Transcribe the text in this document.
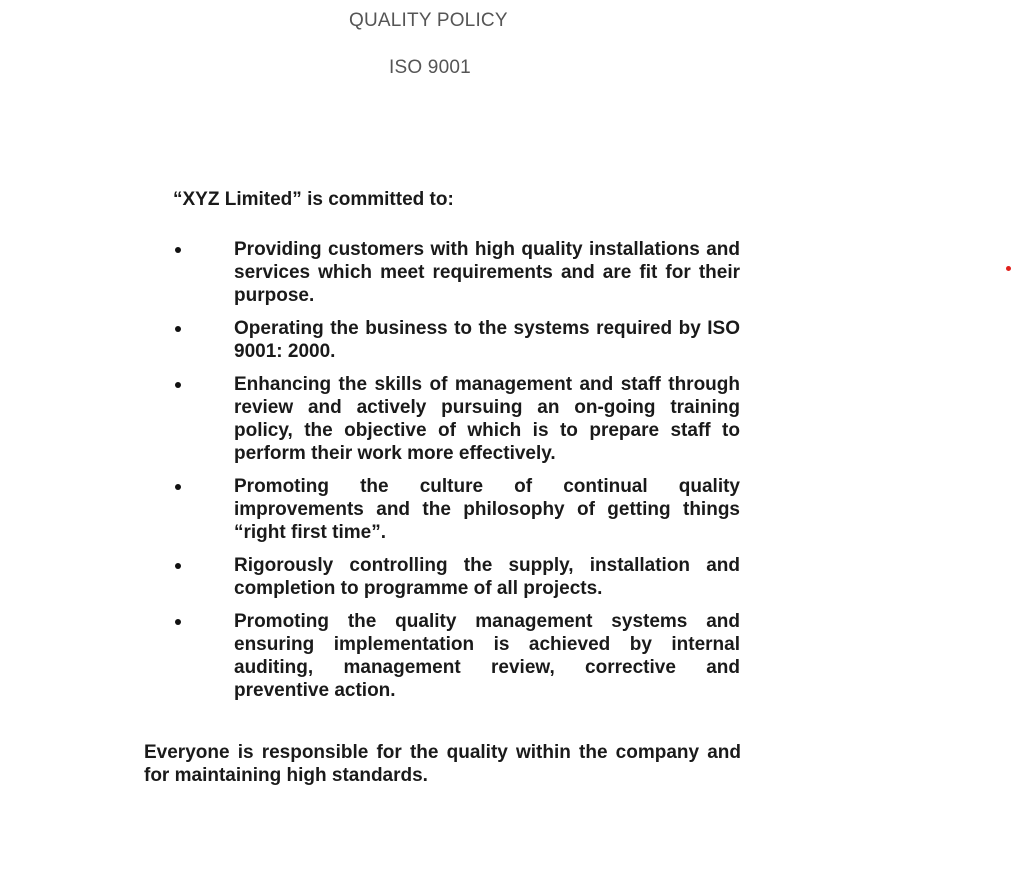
QUALITY POLICY
ISO 9001
“XYZ Limited” is committed to:
Providing customers with high quality installations and services which meet requirements and are fit for their purpose.
Operating the business to the systems required by ISO 9001: 2000.
Enhancing the skills of management and staff through review and actively pursuing an on-going training policy, the objective of which is to prepare staff to perform their work more effectively.
Promoting the culture of continual quality improvements and the philosophy of getting things “right first time”.
Rigorously controlling the supply, installation and completion to programme of all projects.
Promoting the quality management systems and ensuring implementation is achieved by internal auditing, management review, corrective and preventive action.
Everyone is responsible for the quality within the company and for maintaining high standards.
